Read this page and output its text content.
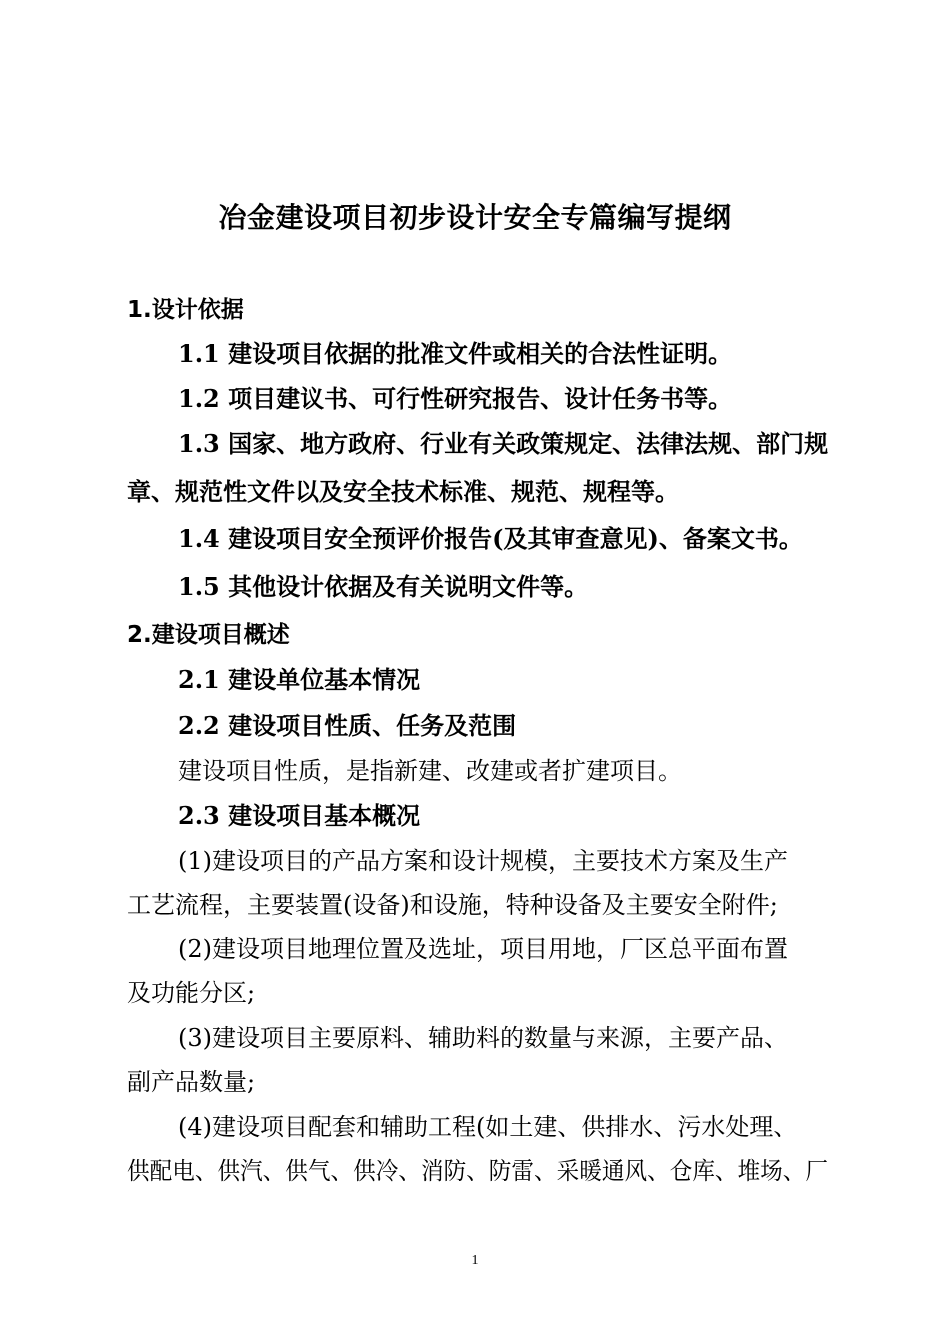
冶金建设项目初步设计安全专篇编写提纲

1.设计依据

1.1 建设项目依据的批准文件或相关的合法性证明。

1.2 项目建议书、可行性研究报告、设计任务书等。

1.3 国家、地方政府、行业有关政策规定、法律法规、部门规

章、规范性文件以及安全技术标准、规范、规程等。

1.4 建设项目安全预评价报告(及其审查意见)、备案文书。

1.5 其他设计依据及有关说明文件等。

2.建设项目概述

2.1 建设单位基本情况

2.2 建设项目性质、任务及范围

建设项目性质，是指新建、改建或者扩建项目。

2.3 建设项目基本概况

(1)建设项目的产品方案和设计规模，主要技术方案及生产

工艺流程，主要装置(设备)和设施，特种设备及主要安全附件;

(2)建设项目地理位置及选址，项目用地，厂区总平面布置

及功能分区;

(3)建设项目主要原料、辅助料的数量与来源，主要产品、

副产品数量;

(4)建设项目配套和辅助工程(如土建、供排水、污水处理、

供配电、供汽、供气、供冷、消防、防雷、采暖通风、仓库、堆场、厂

1
